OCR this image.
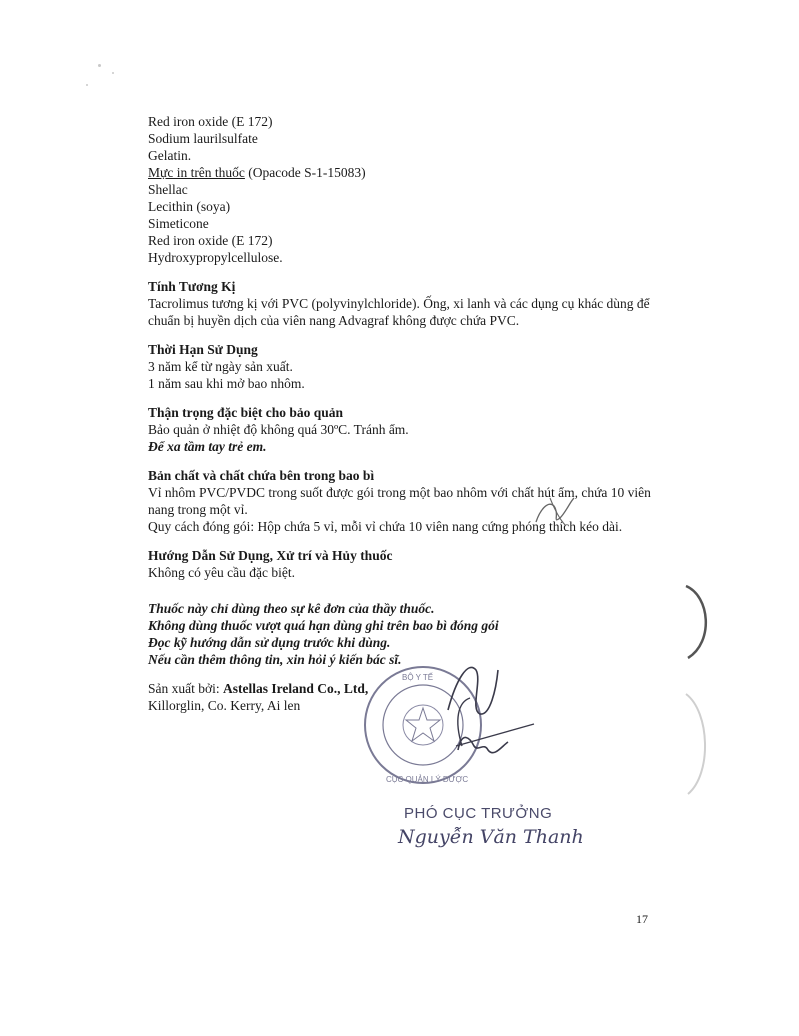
Red iron oxide (E 172)
Sodium laurilsulfate
Gelatin.
Mực in trên thuốc (Opacode S-1-15083)
Shellac
Lecithin (soya)
Simeticone
Red iron oxide (E 172)
Hydroxypropylcellulose.
Tính Tương Kị
Tacrolimus tương kị với PVC (polyvinylchloride). Ống, xi lanh và các dụng cụ khác dùng để
chuẩn bị huyền dịch của viên nang Advagraf không được chứa PVC.
Thời Hạn Sử Dụng
3 năm kể từ ngày sản xuất.
1 năm sau khi mở bao nhôm.
Thận trọng đặc biệt cho bảo quản
Bảo quản ở nhiệt độ không quá 30ºC. Tránh ẩm.
Để xa tầm tay trẻ em.
Bản chất và chất chứa bên trong bao bì
Vỉ nhôm PVC/PVDC trong suốt được gói trong một bao nhôm với chất hút ẩm, chứa 10 viên
nang trong một vỉ.
Quy cách đóng gói: Hộp chứa 5 vỉ, mỗi vỉ chứa 10 viên nang cứng phóng thích kéo dài.
Hướng Dẫn Sử Dụng, Xử trí và Hủy thuốc
Không có yêu cầu đặc biệt.
Thuốc này chỉ dùng theo sự kê đơn của thầy thuốc.
Không dùng thuốc vượt quá hạn dùng ghi trên bao bì đóng gói
Đọc kỹ hướng dẫn sử dụng trước khi dùng.
Nếu cần thêm thông tin, xin hỏi ý kiến bác sĩ.
Sản xuất bởi: Astellas Ireland Co., Ltd,
Killorglin, Co. Kerry, Ai len
BỘ Y TẾ
CỤC QUẢN LÝ DƯỢC
PHÓ CỤC TRƯỞNG
Nguyễn Văn Thanh
17
